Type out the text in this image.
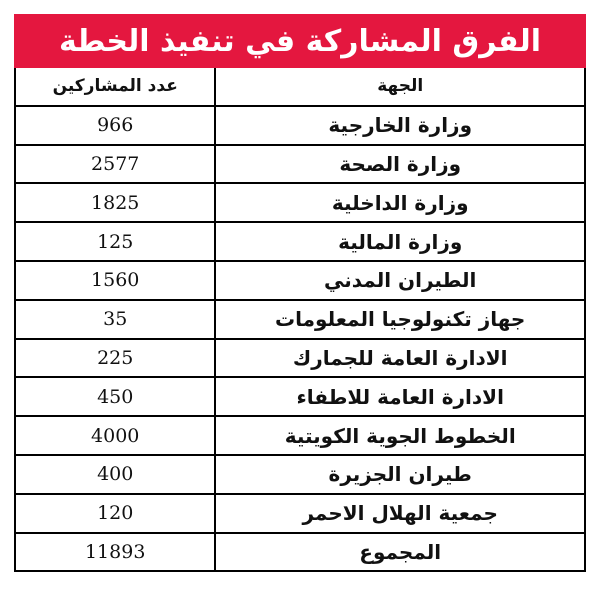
الفرق المشاركة في تنفيذ الخطة
عدد المشاركين	الجهة
966	وزارة الخارجية
2577	وزارة الصحة
1825	وزارة الداخلية
125	وزارة المالية
1560	الطيران المدني
35	جهاز تكنولوجيا المعلومات
225	الادارة العامة للجمارك
450	الادارة العامة للاطفاء
4000	الخطوط الجوية الكويتية
400	طيران الجزيرة
120	جمعية الهلال الاحمر
11893	المجموع
